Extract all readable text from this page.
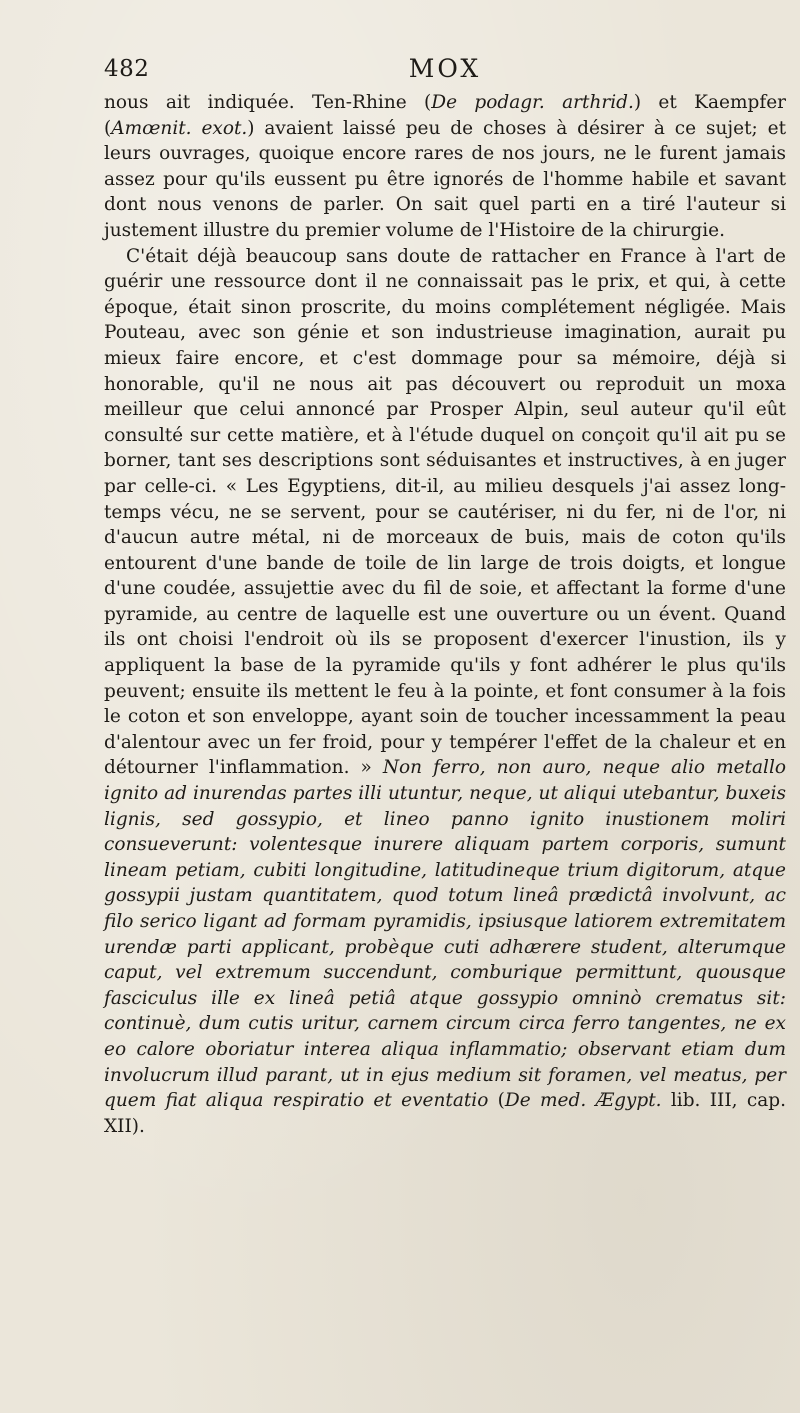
482	MOX

nous ait indiquée. Ten-Rhine (De podagr. arthrid.) et Kaempfer (Amœnit. exot.) avaient laissé peu de choses à désirer à ce sujet; et leurs ouvrages, quoique encore rares de nos jours, ne le furent jamais assez pour qu'ils eussent pu être ignorés de l'homme habile et savant dont nous venons de parler. On sait quel parti en a tiré l'auteur si justement illustre du premier volume de l'Histoire de la chirurgie.

C'était déjà beaucoup sans doute de rattacher en France à l'art de guérir une ressource dont il ne connaissait pas le prix, et qui, à cette époque, était sinon proscrite, du moins complétement négligée. Mais Pouteau, avec son génie et son industrieuse imagination, aurait pu mieux faire encore, et c'est dommage pour sa mémoire, déjà si honorable, qu'il ne nous ait pas découvert ou reproduit un moxa meilleur que celui annoncé par Prosper Alpin, seul auteur qu'il eût consulté sur cette matière, et à l'étude duquel on conçoit qu'il ait pu se borner, tant ses descriptions sont séduisantes et instructives, à en juger par celle-ci. « Les Egyptiens, dit-il, au milieu desquels j'ai assez long-temps vécu, ne se servent, pour se cautériser, ni du fer, ni de l'or, ni d'aucun autre métal, ni de morceaux de buis, mais de coton qu'ils entourent d'une bande de toile de lin large de trois doigts, et longue d'une coudée, assujettie avec du fil de soie, et affectant la forme d'une pyramide, au centre de laquelle est une ouverture ou un évent. Quand ils ont choisi l'endroit où ils se proposent d'exercer l'inustion, ils y appliquent la base de la pyramide qu'ils y font adhérer le plus qu'ils peuvent; ensuite ils mettent le feu à la pointe, et font consumer à la fois le coton et son enveloppe, ayant soin de toucher incessamment la peau d'alentour avec un fer froid, pour y tempérer l'effet de la chaleur et en détourner l'inflammation. » Non ferro, non auro, neque alio metallo ignito ad inurendas partes illi utuntur, neque, ut aliqui utebantur, buxeis lignis, sed gossypio, et lineo panno ignito inustionem moliri consueverunt: volentesque inurere aliquam partem corporis, sumunt lineam petiam, cubiti longitudine, latitudineque trium digitorum, atque gossypii justam quantitatem, quod totum lineâ prædictâ involvunt, ac filo serico ligant ad formam pyramidis, ipsiusque latiorem extremitatem urendæ parti applicant, probèque cuti adhærere student, alterumque caput, vel extremum succendunt, comburique permittunt, quousque fasciculus ille ex lineâ petiâ atque gossypio omninò crematus sit: continuè, dum cutis uritur, carnem circum circa ferro tangentes, ne ex eo calore oboriatur interea aliqua inflammatio; observant etiam dum involucrum illud parant, ut in ejus medium sit foramen, vel meatus, per quem fiat aliqua respiratio et eventatio (De med. Ægypt. lib. III, cap. XII).
